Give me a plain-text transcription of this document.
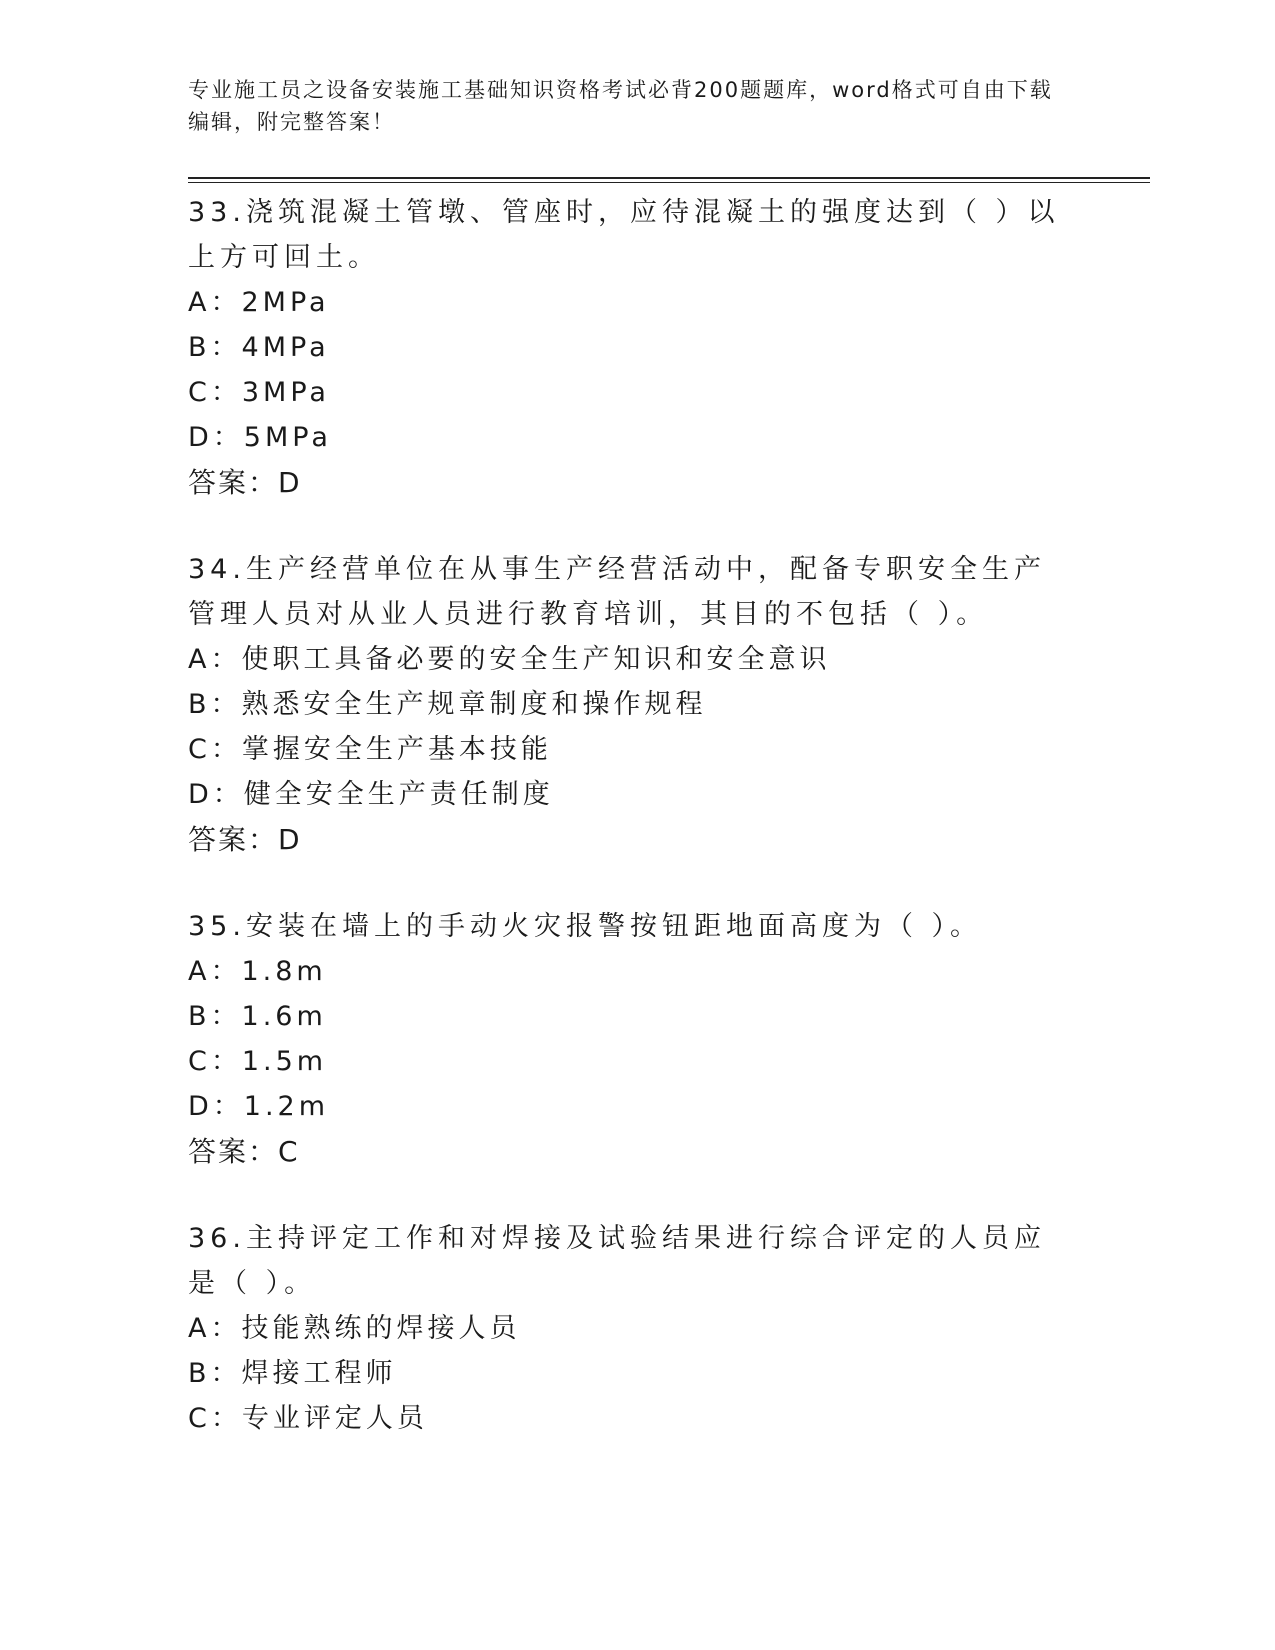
专业施工员之设备安装施工基础知识资格考试必背200题题库，word格式可自由下载编辑，附完整答案！
33.浇筑混凝土管墩、管座时，应待混凝土的强度达到（ ）以上方可回土。
A：2MPa
B：4MPa
C：3MPa
D：5MPa
答案：D
34.生产经营单位在从事生产经营活动中，配备专职安全生产管理人员对从业人员进行教育培训，其目的不包括（ ）。
A：使职工具备必要的安全生产知识和安全意识
B：熟悉安全生产规章制度和操作规程
C：掌握安全生产基本技能
D：健全安全生产责任制度
答案：D
35.安装在墙上的手动火灾报警按钮距地面高度为（ ）。
A：1.8m
B：1.6m
C：1.5m
D：1.2m
答案：C
36.主持评定工作和对焊接及试验结果进行综合评定的人员应是（ ）。
A：技能熟练的焊接人员
B：焊接工程师
C：专业评定人员
